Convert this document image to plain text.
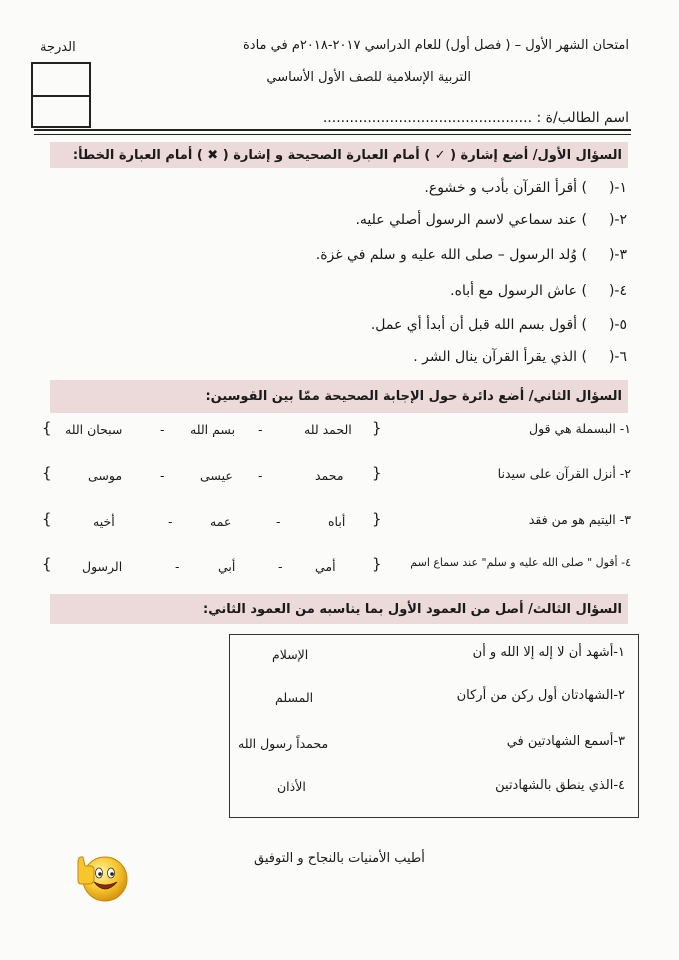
امتحان الشهر الأول – ( فصل أول) للعام الدراسي ٢٠١٧-٢٠١٨م في مادة
التربية الإسلامية للصف الأول الأساسي
الدرجة
اسم الطالب/ة : ...............................................
السؤال الأول/ أضع إشارة ( ✓ ) أمام العبارة الصحيحة و إشارة ( ✖ ) أمام العبارة الخطأ:
١-() أقرأ القرآن بأدب و خشوع.
٢-() عند سماعي لاسم الرسول أصلي عليه.
٣-() وُلد الرسول – صلى الله عليه و سلم في غزة.
٤-() عاش الرسول مع أباه.
٥-() أقول بسم الله قبل أن أبدأ أي عمل.
٦-() الذي يقرأ القرآن ينال الشر .
السؤال الثاني/ أضع دائرة حول الإجابة الصحيحة ممّا بين القوسين:
١- البسملة هي قول
{
الحمد لله
-
بسم الله
-
سبحان الله
}
٢- أنزل القرآن على سيدنا
{
محمد
-
عيسى
-
موسى
}
٣- اليتيم هو من فقد
{
أباه
-
عمه
-
أخيه
}
٤- أقول " صلى الله عليه و سلم" عند سماع اسم
{
أمي
-
أبي
-
الرسول
}
السؤال الثالث/ أصل من العمود الأول بما يناسبه من العمود الثاني:
١-أشهد أن لا إله إلا الله و أن
٢-الشهادتان أول ركن من أركان
٣-أسمع الشهادتين في
٤-الذي ينطق بالشهادتين
الإسلام
المسلم
محمداً رسول الله
الأذان
أطيب الأمنيات بالنجاح و التوفيق
